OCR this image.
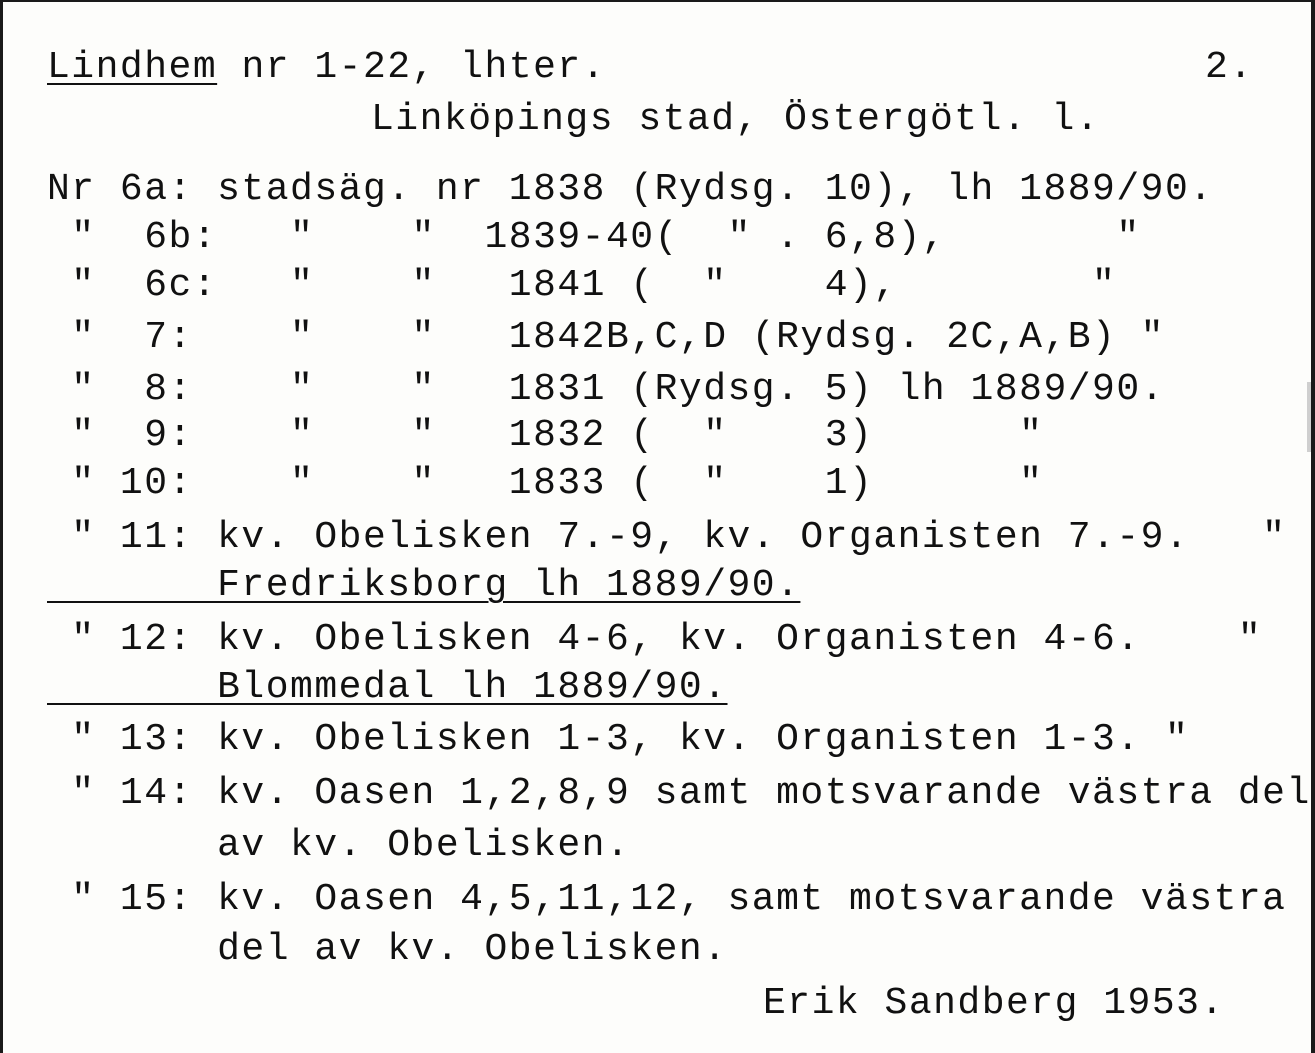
Lindhem nr 1-22, lhter.	2.
Linköpings stad, Östergötl. l.
Nr 6a: stadsäg. nr 1838 (Rydsg. 10), lh 1889/90.
"  6b:   "    "  1839-40(  " . 6,8),       "
"  6c:   "    "   1841 (  "    4),        "
"  7:    "    "   1842B,C,D (Rydsg. 2C,A,B) "
"  8:    "    "   1831 (Rydsg. 5) lh 1889/90.
"  9:    "    "   1832 (  "    3)      "
" 10:    "    "   1833 (  "    1)      "
" 11: kv. Obelisken 7.-9, kv. Organisten 7.-9.   "
Fredriksborg lh 1889/90.
" 12: kv. Obelisken 4-6, kv. Organisten 4-6.    "
Blommedal lh 1889/90.
" 13: kv. Obelisken 1-3, kv. Organisten 1-3. "
" 14: kv. Oasen 1,2,8,9 samt motsvarande västra del
av kv. Obelisken.
" 15: kv. Oasen 4,5,11,12, samt motsvarande västra
del av kv. Obelisken.
Erik Sandberg 1953.
